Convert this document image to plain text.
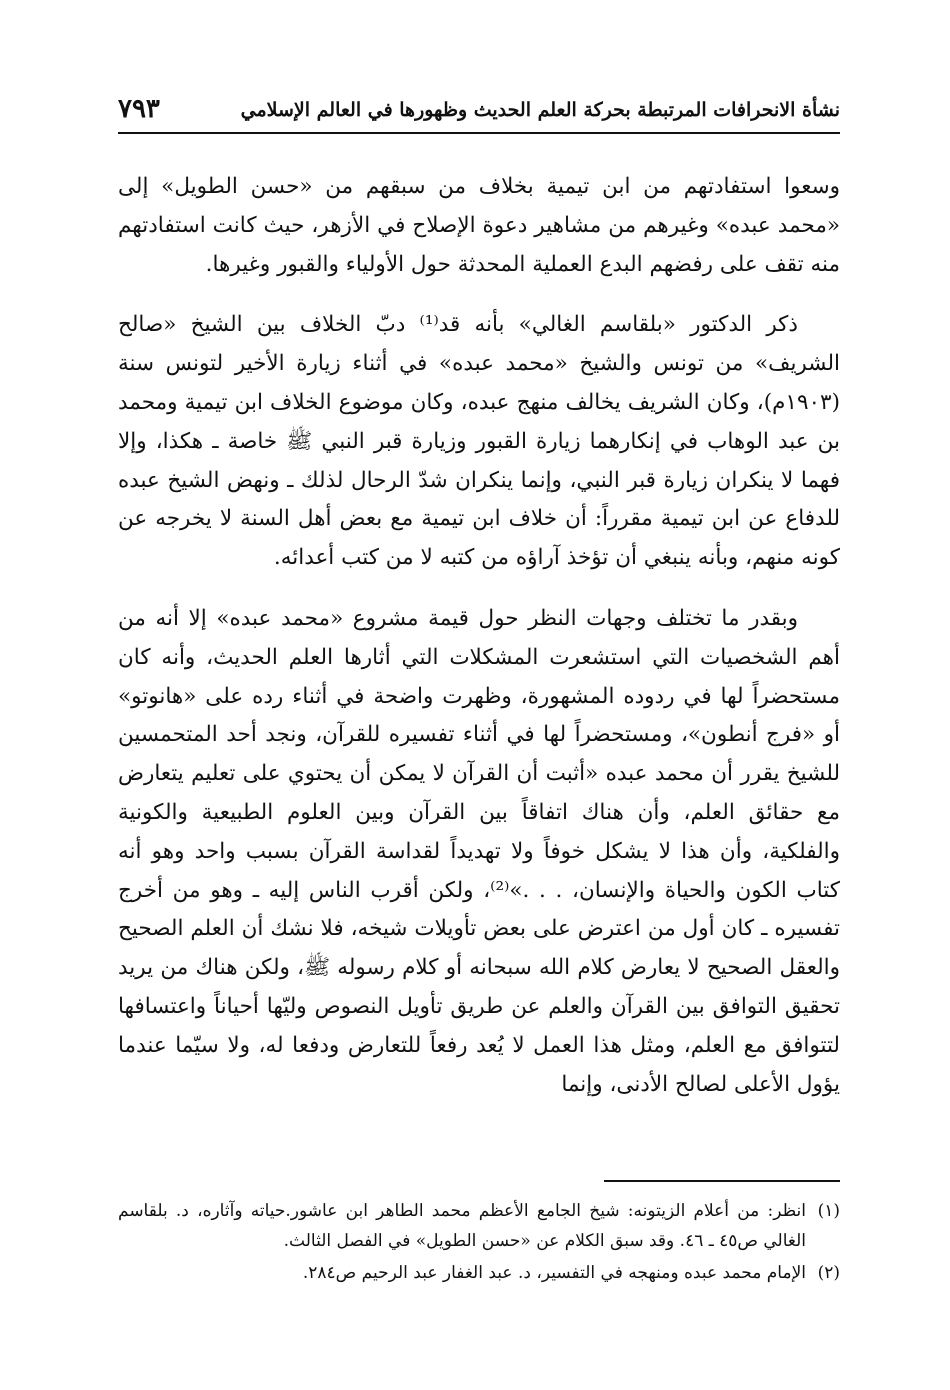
٧٩٣	نشأة الانحرافات المرتبطة بحركة العلم الحديث وظهورها في العالم الإسلامي

وسعوا استفادتهم من ابن تيمية بخلاف من سبقهم من «حسن الطويل» إلى «محمد عبده» وغيرهم من مشاهير دعوة الإصلاح في الأزهر، حيث كانت استفادتهم منه تقف على رفضهم البدع العملية المحدثة حول الأولياء والقبور وغيرها.

ذكر الدكتور «بلقاسم الغالي» بأنه قد⁽¹⁾ دبّ الخلاف بين الشيخ «صالح الشريف» من تونس والشيخ «محمد عبده» في أثناء زيارة الأخير لتونس سنة (١٩٠٣م)، وكان الشريف يخالف منهج عبده، وكان موضوع الخلاف ابن تيمية ومحمد بن عبد الوهاب في إنكارهما زيارة القبور وزيارة قبر النبي ﷺ خاصة ـ هكذا، وإلا فهما لا ينكران زيارة قبر النبي، وإنما ينكران شدّ الرحال لذلك ـ ونهض الشيخ عبده للدفاع عن ابن تيمية مقرراً: أن خلاف ابن تيمية مع بعض أهل السنة لا يخرجه عن كونه منهم، وبأنه ينبغي أن تؤخذ آراؤه من كتبه لا من كتب أعدائه.

وبقدر ما تختلف وجهات النظر حول قيمة مشروع «محمد عبده» إلا أنه من أهم الشخصيات التي استشعرت المشكلات التي أثارها العلم الحديث، وأنه كان مستحضراً لها في ردوده المشهورة، وظهرت واضحة في أثناء رده على «هانوتو» أو «فرج أنطون»، ومستحضراً لها في أثناء تفسيره للقرآن، ونجد أحد المتحمسين للشيخ يقرر أن محمد عبده «أثبت أن القرآن لا يمكن أن يحتوي على تعليم يتعارض مع حقائق العلم، وأن هناك اتفاقاً بين القرآن وبين العلوم الطبيعية والكونية والفلكية، وأن هذا لا يشكل خوفاً ولا تهديداً لقداسة القرآن بسبب واحد وهو أنه كتاب الكون والحياة والإنسان، . . .»⁽²⁾، ولكن أقرب الناس إليه ـ وهو من أخرج تفسيره ـ كان أول من اعترض على بعض تأويلات شيخه، فلا نشك أن العلم الصحيح والعقل الصحيح لا يعارض كلام الله سبحانه أو كلام رسوله ﷺ، ولكن هناك من يريد تحقيق التوافق بين القرآن والعلم عن طريق تأويل النصوص وليّها أحياناً واعتسافها لتتوافق مع العلم، ومثل هذا العمل لا يُعد رفعاً للتعارض ودفعا له، ولا سيّما عندما يؤول الأعلى لصالح الأدنى، وإنما

(١)
انظر: من أعلام الزيتونه: شيخ الجامع الأعظم محمد الطاهر ابن عاشور.حياته وآثاره، د. بلقاسم الغالي ص٤٥ ـ ٤٦. وقد سبق الكلام عن «حسن الطويل» في الفصل الثالث.
(٢)
الإمام محمد عبده ومنهجه في التفسير، د. عبد الغفار عبد الرحيم ص٢٨٤.
